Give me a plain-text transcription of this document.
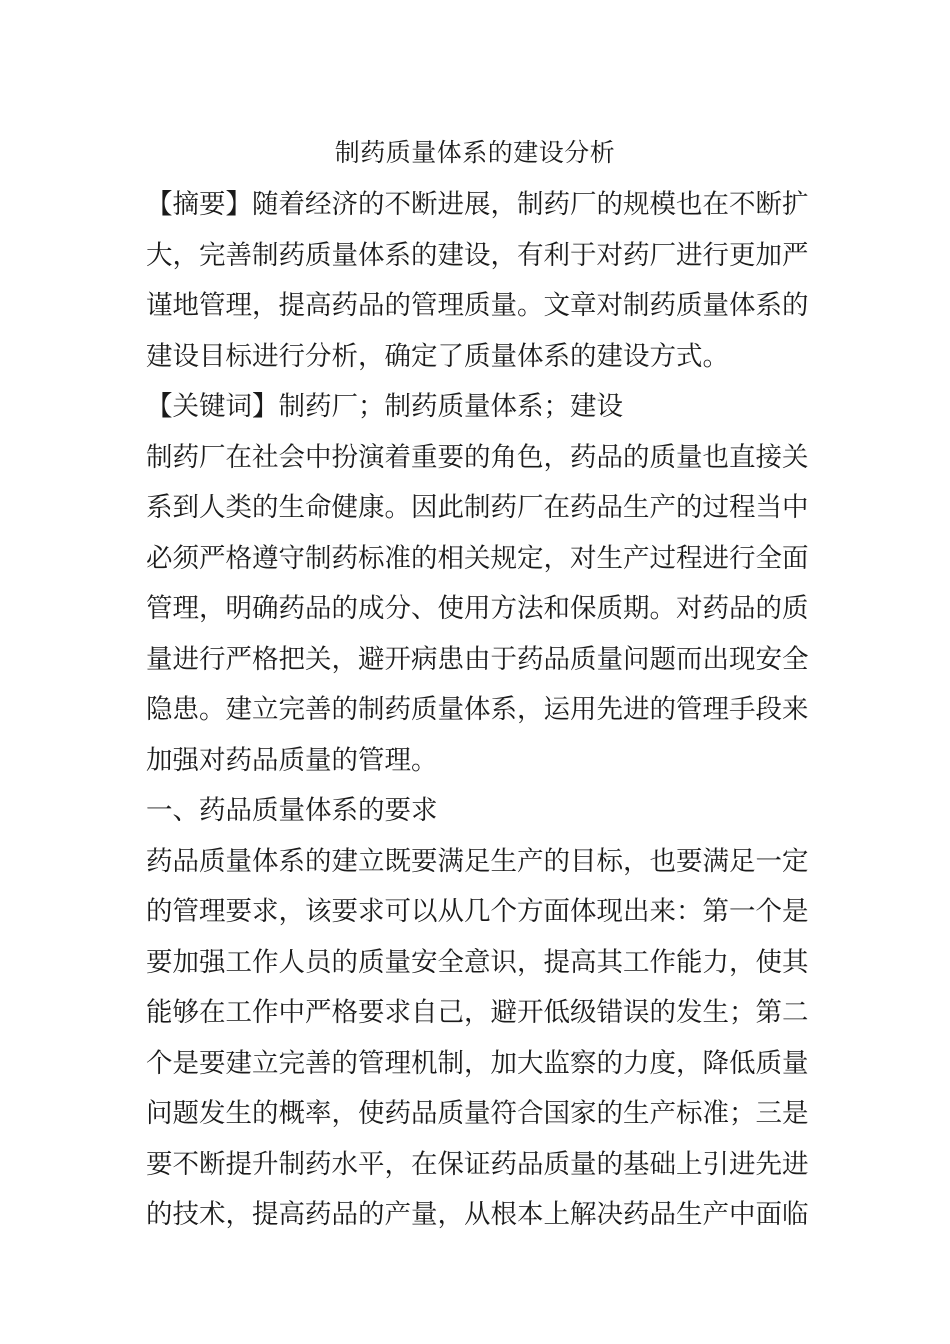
制药质量体系的建设分析
【摘要】随着经济的不断进展，制药厂的规模也在不断扩
大，完善制药质量体系的建设，有利于对药厂进行更加严
谨地管理，提高药品的管理质量。文章对制药质量体系的
建设目标进行分析，确定了质量体系的建设方式。
【关键词】制药厂；制药质量体系；建设
制药厂在社会中扮演着重要的角色，药品的质量也直接关
系到人类的生命健康。因此制药厂在药品生产的过程当中
必须严格遵守制药标准的相关规定，对生产过程进行全面
管理，明确药品的成分、使用方法和保质期。对药品的质
量进行严格把关，避开病患由于药品质量问题而出现安全
隐患。建立完善的制药质量体系，运用先进的管理手段来
加强对药品质量的管理。
一、药品质量体系的要求
药品质量体系的建立既要满足生产的目标，也要满足一定
的管理要求，该要求可以从几个方面体现出来：第一个是
要加强工作人员的质量安全意识，提高其工作能力，使其
能够在工作中严格要求自己，避开低级错误的发生；第二
个是要建立完善的管理机制，加大监察的力度，降低质量
问题发生的概率，使药品质量符合国家的生产标准；三是
要不断提升制药水平，在保证药品质量的基础上引进先进
的技术，提高药品的产量，从根本上解决药品生产中面临
